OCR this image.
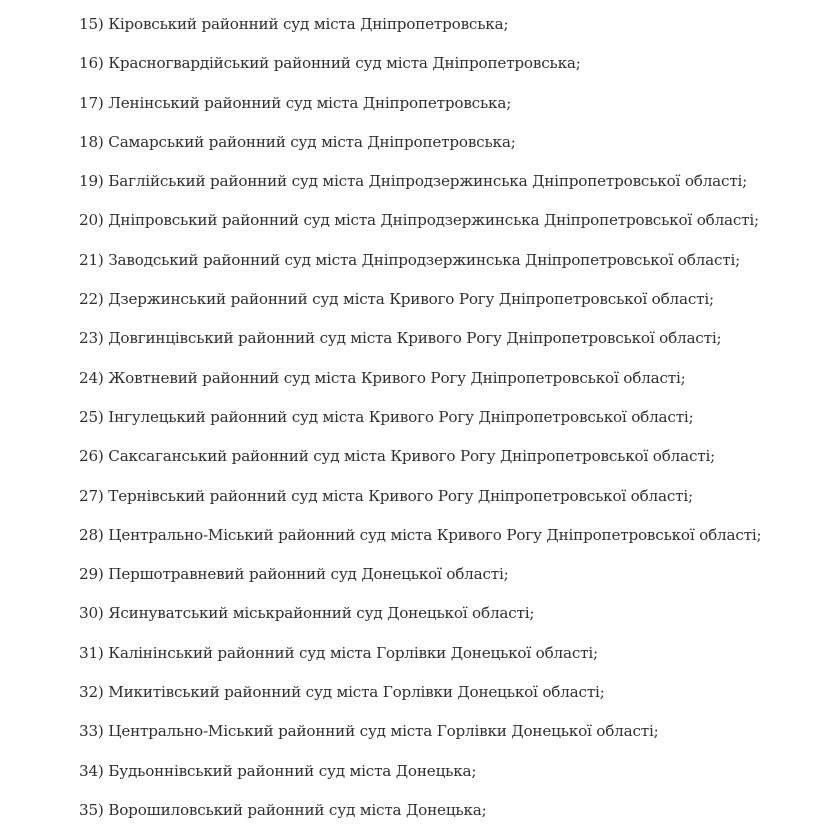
15) Кіровський районний суд міста Дніпропетровська;
16) Красногвардійський районний суд міста Дніпропетровська;
17) Ленінський районний суд міста Дніпропетровська;
18) Самарський районний суд міста Дніпропетровська;
19) Баглійський районний суд міста Дніпродзержинська Дніпропетровської області;
20) Дніпровський районний суд міста Дніпродзержинська Дніпропетровської області;
21) Заводський районний суд міста Дніпродзержинська Дніпропетровської області;
22) Дзержинський районний суд міста Кривого Рогу Дніпропетровської області;
23) Довгинцівський районний суд міста Кривого Рогу Дніпропетровської області;
24) Жовтневий районний суд міста Кривого Рогу Дніпропетровської області;
25) Інгулецький районний суд міста Кривого Рогу Дніпропетровської області;
26) Саксаганський районний суд міста Кривого Рогу Дніпропетровської області;
27) Тернівський районний суд міста Кривого Рогу Дніпропетровської області;
28) Центрально-Міський районний суд міста Кривого Рогу Дніпропетровської області;
29) Першотравневий районний суд Донецької області;
30) Ясинуватський міськрайонний суд Донецької області;
31) Калінінський районний суд міста Горлівки Донецької області;
32) Микитівський районний суд міста Горлівки Донецької області;
33) Центрально-Міський районний суд міста Горлівки Донецької області;
34) Будьоннівський районний суд міста Донецька;
35) Ворошиловський районний суд міста Донецька;
